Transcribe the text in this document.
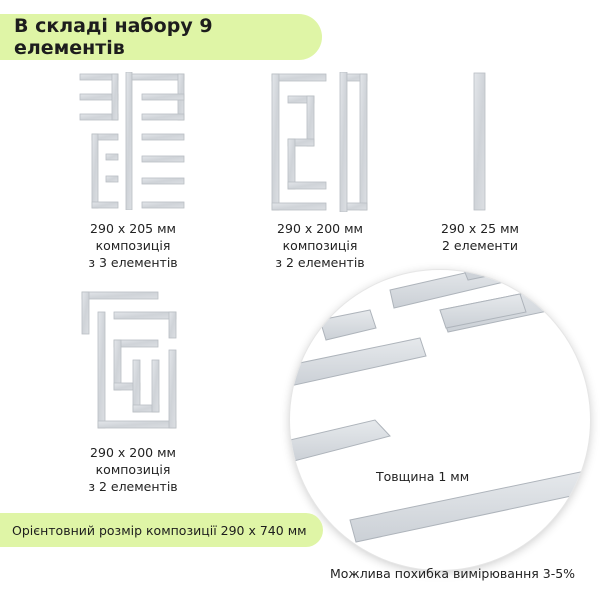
В складі набору 9 елементів
290 х 205 мм
композиція
з 3 елементів
290 х 200 мм
композиція
з 2 елементів
290 х 25 мм
2 елементи
290 х 200 мм
композиція
з 2 елементів
Товщина 1 мм
Орієнтовний розмір композиції 290 х 740 мм
Можлива похибка вимірювання 3-5%
